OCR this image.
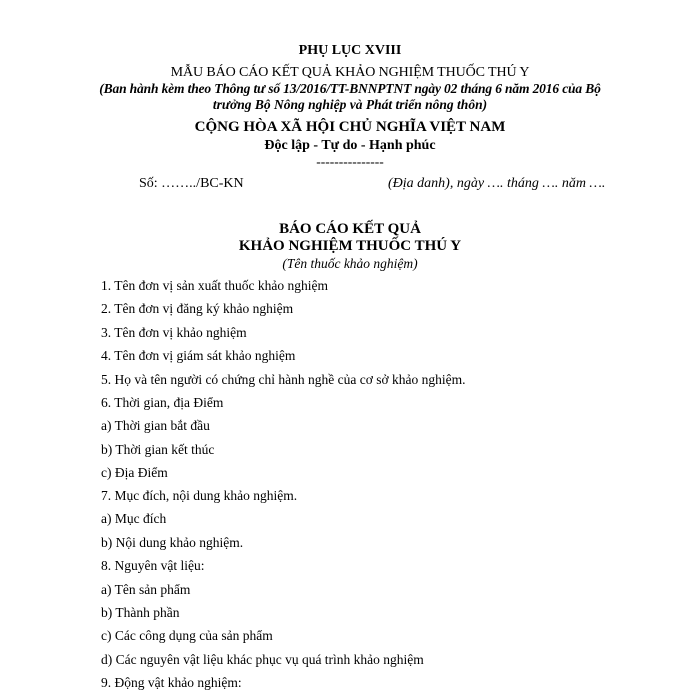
PHỤ LỤC XVIII
MẪU BÁO CÁO KẾT QUẢ KHẢO NGHIỆM THUỐC THÚ Y
(Ban hành kèm theo Thông tư số 13/2016/TT-BNNPTNT ngày 02 tháng 6 năm 2016 của Bộ
trưởng Bộ Nông nghiệp và Phát triển nông thôn)
CỘNG HÒA XÃ HỘI CHỦ NGHĨA VIỆT NAM
Độc lập - Tự do - Hạnh phúc
---------------
Số: ……../BC-KN	(Địa danh), ngày …. tháng …. năm ….
BÁO CÁO KẾT QUẢ
KHẢO NGHIỆM THUỐC THÚ Y
(Tên thuốc khảo nghiệm)
1. Tên đơn vị sản xuất thuốc khảo nghiệm
2. Tên đơn vị đăng ký khảo nghiệm
3. Tên đơn vị khảo nghiệm
4. Tên đơn vị giám sát khảo nghiệm
5. Họ và tên người có chứng chỉ hành nghề của cơ sở khảo nghiệm.
6. Thời gian, địa Điểm
a) Thời gian bắt đầu
b) Thời gian kết thúc
c) Địa Điểm
7. Mục đích, nội dung khảo nghiệm.
a) Mục đích
b) Nội dung khảo nghiệm.
8. Nguyên vật liệu:
a) Tên sản phẩm
b) Thành phần
c) Các công dụng của sản phẩm
d) Các nguyên vật liệu khác phục vụ quá trình khảo nghiệm
9. Động vật khảo nghiệm:
